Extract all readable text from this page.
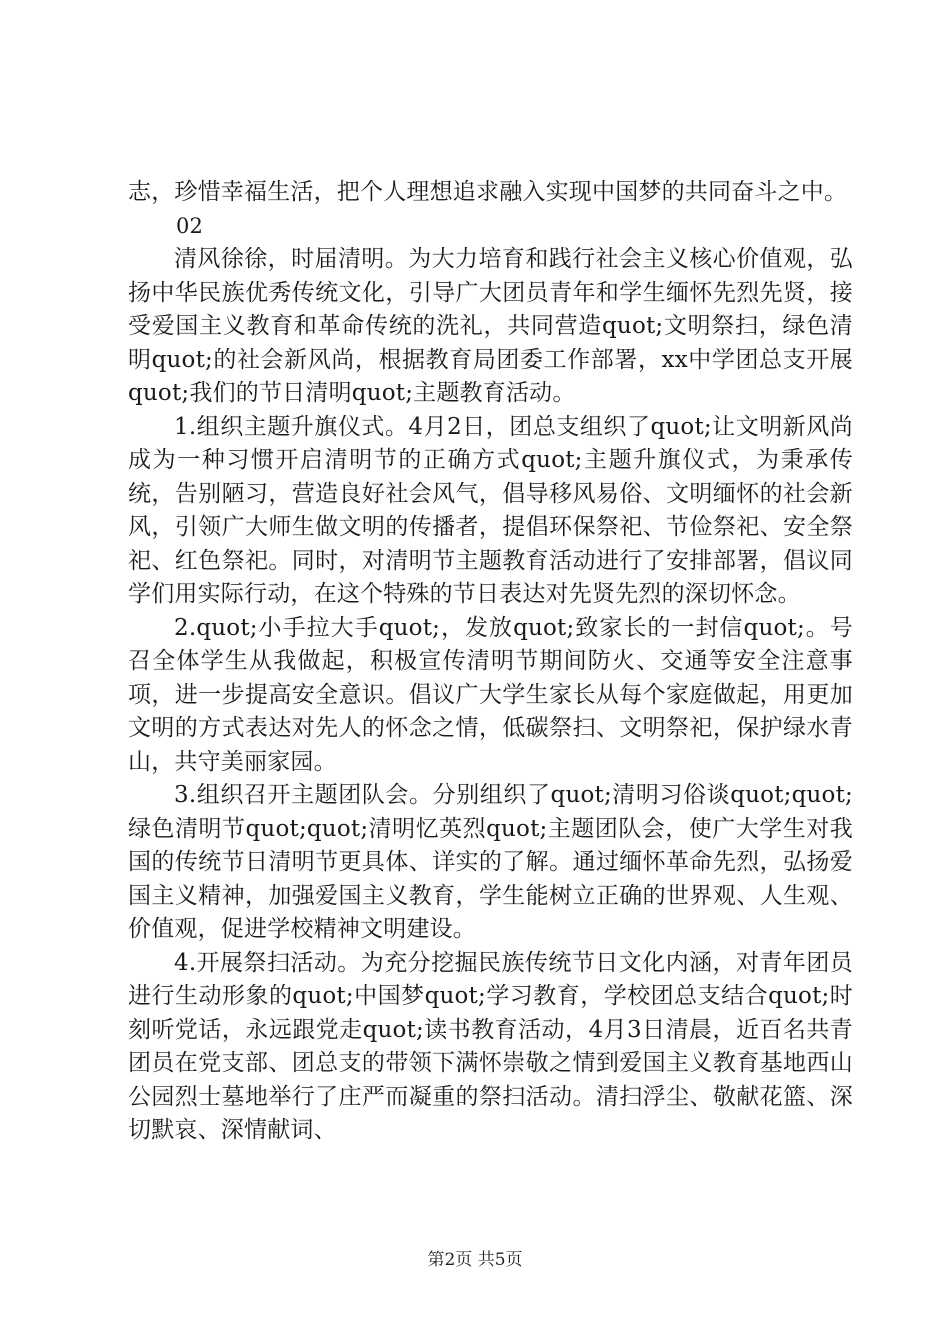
志，珍惜幸福生活，把个人理想追求融入实现中国梦的共同奋斗之中。

02

清风徐徐，时届清明。为大力培育和践行社会主义核心价值观，弘扬中华民族优秀传统文化，引导广大团员青年和学生缅怀先烈先贤，接受爱国主义教育和革命传统的洗礼，共同营造quot;文明祭扫，绿色清明quot;的社会新风尚，根据教育局团委工作部署，xx中学团总支开展quot;我们的节日清明quot;主题教育活动。

1.组织主题升旗仪式。4月2日，团总支组织了quot;让文明新风尚成为一种习惯开启清明节的正确方式quot;主题升旗仪式，为秉承传统，告别陋习，营造良好社会风气，倡导移风易俗、文明缅怀的社会新风，引领广大师生做文明的传播者，提倡环保祭祀、节俭祭祀、安全祭祀、红色祭祀。同时，对清明节主题教育活动进行了安排部署，倡议同学们用实际行动，在这个特殊的节日表达对先贤先烈的深切怀念。

2.quot;小手拉大手quot;，发放quot;致家长的一封信quot;。号召全体学生从我做起，积极宣传清明节期间防火、交通等安全注意事项，进一步提高安全意识。倡议广大学生家长从每个家庭做起，用更加文明的方式表达对先人的怀念之情，低碳祭扫、文明祭祀，保护绿水青山，共守美丽家园。

3.组织召开主题团队会。分别组织了quot;清明习俗谈quot;quot;绿色清明节quot;quot;清明忆英烈quot;主题团队会，使广大学生对我国的传统节日清明节更具体、详实的了解。通过缅怀革命先烈，弘扬爱国主义精神，加强爱国主义教育，学生能树立正确的世界观、人生观、价值观，促进学校精神文明建设。

4.开展祭扫活动。为充分挖掘民族传统节日文化内涵，对青年团员进行生动形象的quot;中国梦quot;学习教育，学校团总支结合quot;时刻听党话，永远跟党走quot;读书教育活动，4月3日清晨，近百名共青团员在党支部、团总支的带领下满怀崇敬之情到爱国主义教育基地西山公园烈士墓地举行了庄严而凝重的祭扫活动。清扫浮尘、敬献花篮、深切默哀、深情献词、

第2页 共5页
